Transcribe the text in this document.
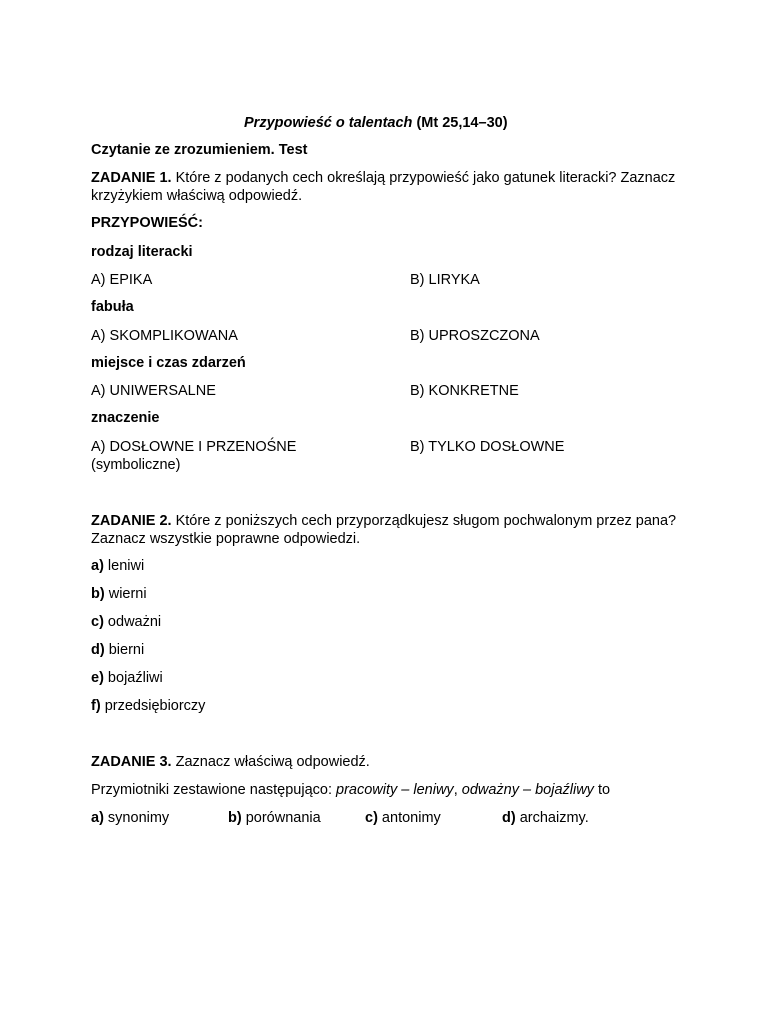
Przypowieść o talentach (Mt 25,14–30)
Czytanie ze zrozumieniem. Test
ZADANIE 1. Które z podanych cech określają przypowieść jako gatunek literacki? Zaznacz krzyżykiem właściwą odpowiedź.
PRZYPOWIEŚĆ:
rodzaj literacki
A) EPIKA	B) LIRYKA
fabuła
A) SKOMPLIKOWANA	B) UPROSZCZONA
miejsce i czas zdarzeń
A) UNIWERSALNE	B) KONKRETNE
znaczenie
A) DOSŁOWNE I PRZENOŚNE
(symboliczne)
B) TYLKO DOSŁOWNE
ZADANIE 2. Które z poniższych cech przyporządkujesz sługom pochwalonym przez pana? Zaznacz wszystkie poprawne odpowiedzi.
a) leniwi
b) wierni
c) odważni
d) bierni
e) bojaźliwi
f) przedsiębiorczy
ZADANIE 3. Zaznacz właściwą odpowiedź.
Przymiotniki zestawione następująco: pracowity – leniwy, odważny – bojaźliwy to
a) synonimy	b) porównania	c) antonimy	d) archaizmy.
